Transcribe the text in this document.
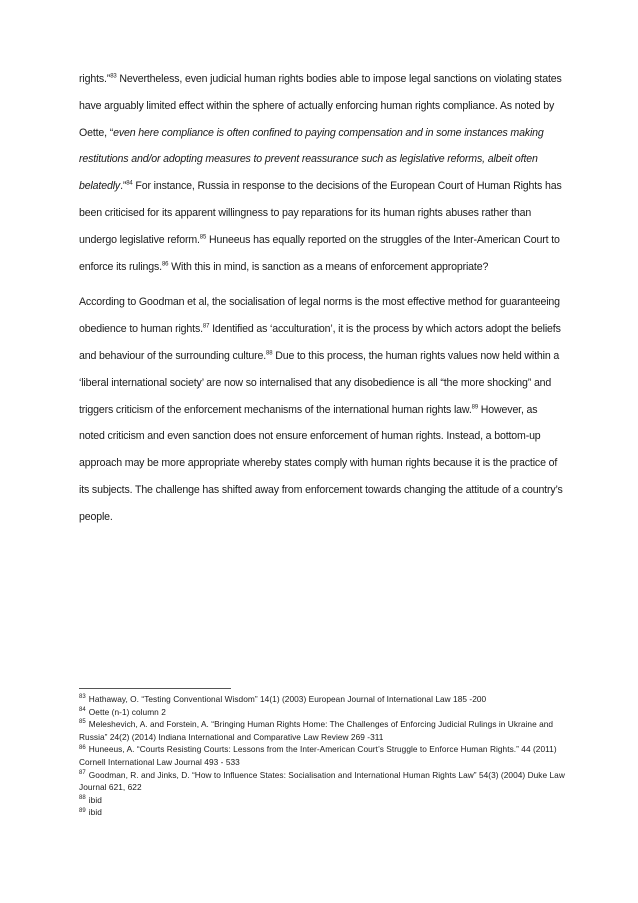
rights.”$^{83}$ Nevertheless, even judicial human rights bodies able to impose legal sanctions on violating states have arguably limited effect within the sphere of actually enforcing human rights compliance. As noted by Oette, “even here compliance is often confined to paying compensation and in some instances making restitutions and/or adopting measures to prevent reassurance such as legislative reforms, albeit often belatedly.”$^{84}$ For instance, Russia in response to the decisions of the European Court of Human Rights has been criticised for its apparent willingness to pay reparations for its human rights abuses rather than undergo legislative reform.$^{85}$ Huneeus has equally reported on the struggles of the Inter-American Court to enforce its rulings.$^{86}$ With this in mind, is sanction as a means of enforcement appropriate?

According to Goodman et al, the socialisation of legal norms is the most effective method for guaranteeing obedience to human rights.$^{87}$ Identified as ‘acculturation’, it is the process by which actors adopt the beliefs and behaviour of the surrounding culture.$^{88}$ Due to this process, the human rights values now held within a ‘liberal international society’ are now so internalised that any disobedience is all “the more shocking” and triggers criticism of the enforcement mechanisms of the international human rights law.$^{89}$ However, as noted criticism and even sanction does not ensure enforcement of human rights. Instead, a bottom-up approach may be more appropriate whereby states comply with human rights because it is the practice of its subjects. The challenge has shifted away from enforcement towards changing the attitude of a country’s people.

$^{83}$ Hathaway, O. “Testing Conventional Wisdom” 14(1) (2003) European Journal of International Law 185 -200

$^{84}$ Oette (n-1) column 2

$^{85}$ Meleshevich, A. and Forstein, A. “Bringing Human Rights Home: The Challenges of Enforcing Judicial Rulings in Ukraine and Russia” 24(2) (2014) Indiana International and Comparative Law Review 269 -311

$^{86}$ Huneeus, A. “Courts Resisting Courts: Lessons from the Inter-American Court’s Struggle to Enforce Human Rights.” 44 (2011) Cornell International Law Journal 493 - 533

$^{87}$ Goodman, R. and Jinks, D. “How to Influence States: Socialisation and International Human Rights Law” 54(3) (2004) Duke Law Journal 621, 622

$^{88}$ ibid

$^{89}$ ibid
